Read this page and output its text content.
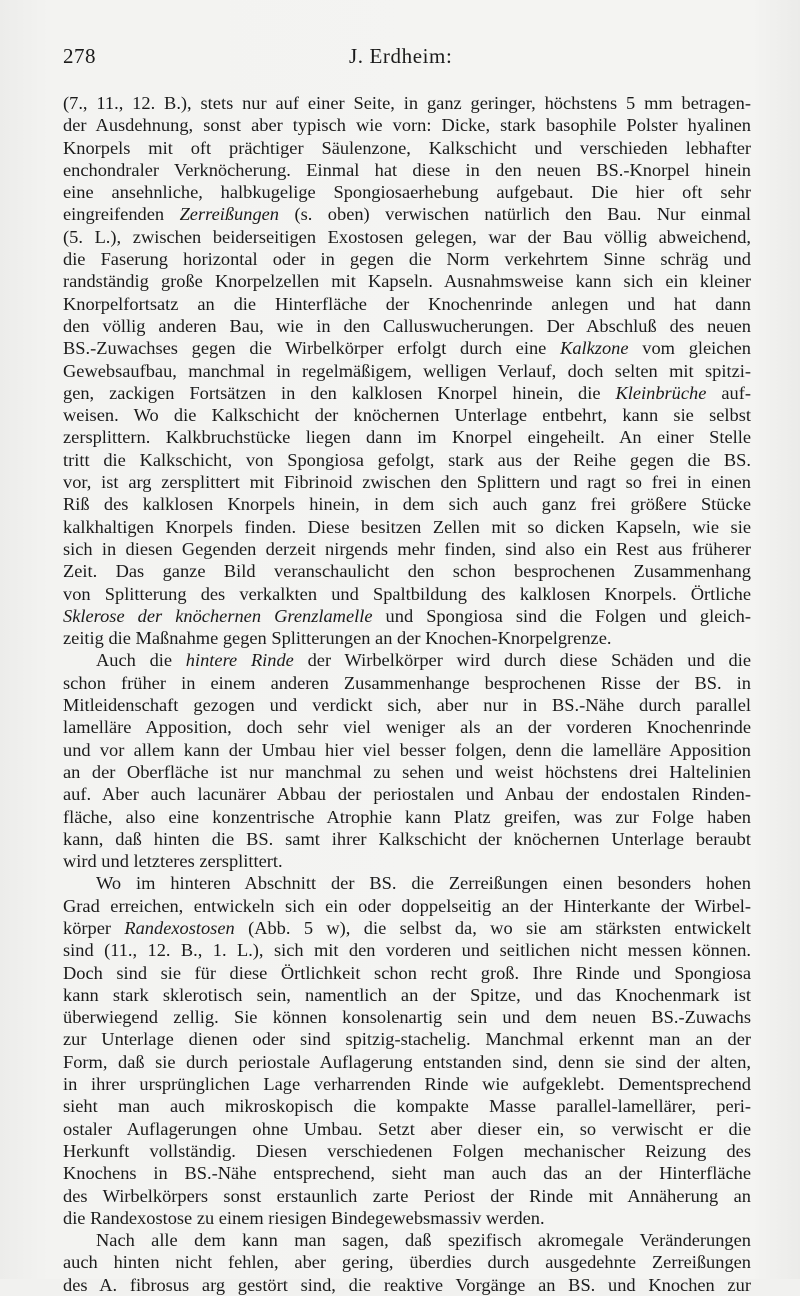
278	J. Erdheim:
(7., 11., 12. B.), stets nur auf einer Seite, in ganz geringer, höchstens 5 mm betragen-
der Ausdehnung, sonst aber typisch wie vorn: Dicke, stark basophile Polster hyalinen
Knorpels mit oft prächtiger Säulenzone, Kalkschicht und verschieden lebhafter
enchondraler Verknöcherung. Einmal hat diese in den neuen BS.-Knorpel hinein
eine ansehnliche, halbkugelige Spongiosaerhebung aufgebaut. Die hier oft sehr
eingreifenden Zerreißungen (s. oben) verwischen natürlich den Bau. Nur einmal
(5. L.), zwischen beiderseitigen Exostosen gelegen, war der Bau völlig abweichend,
die Faserung horizontal oder in gegen die Norm verkehrtem Sinne schräg und
randständig große Knorpelzellen mit Kapseln. Ausnahmsweise kann sich ein kleiner
Knorpelfortsatz an die Hinterfläche der Knochenrinde anlegen und hat dann
den völlig anderen Bau, wie in den Calluswucherungen. Der Abschluß des neuen
BS.-Zuwachses gegen die Wirbelkörper erfolgt durch eine Kalkzone vom gleichen
Gewebsaufbau, manchmal in regelmäßigem, welligen Verlauf, doch selten mit spitzi-
gen, zackigen Fortsätzen in den kalklosen Knorpel hinein, die Kleinbrüche auf-
weisen. Wo die Kalkschicht der knöchernen Unterlage entbehrt, kann sie selbst
zersplittern. Kalkbruchstücke liegen dann im Knorpel eingeheilt. An einer Stelle
tritt die Kalkschicht, von Spongiosa gefolgt, stark aus der Reihe gegen die BS.
vor, ist arg zersplittert mit Fibrinoid zwischen den Splittern und ragt so frei in einen
Riß des kalklosen Knorpels hinein, in dem sich auch ganz frei größere Stücke
kalkhaltigen Knorpels finden. Diese besitzen Zellen mit so dicken Kapseln, wie sie
sich in diesen Gegenden derzeit nirgends mehr finden, sind also ein Rest aus früherer
Zeit. Das ganze Bild veranschaulicht den schon besprochenen Zusammenhang
von Splitterung des verkalkten und Spaltbildung des kalklosen Knorpels. Örtliche
Sklerose der knöchernen Grenzlamelle und Spongiosa sind die Folgen und gleich-
zeitig die Maßnahme gegen Splitterungen an der Knochen-Knorpelgrenze.
Auch die hintere Rinde der Wirbelkörper wird durch diese Schäden und die
schon früher in einem anderen Zusammenhange besprochenen Risse der BS. in
Mitleidenschaft gezogen und verdickt sich, aber nur in BS.-Nähe durch parallel
lamelläre Apposition, doch sehr viel weniger als an der vorderen Knochenrinde
und vor allem kann der Umbau hier viel besser folgen, denn die lamelläre Apposition
an der Oberfläche ist nur manchmal zu sehen und weist höchstens drei Haltelinien
auf. Aber auch lacunärer Abbau der periostalen und Anbau der endostalen Rinden-
fläche, also eine konzentrische Atrophie kann Platz greifen, was zur Folge haben
kann, daß hinten die BS. samt ihrer Kalkschicht der knöchernen Unterlage beraubt
wird und letzteres zersplittert.
Wo im hinteren Abschnitt der BS. die Zerreißungen einen besonders hohen
Grad erreichen, entwickeln sich ein oder doppelseitig an der Hinterkante der Wirbel-
körper Randexostosen (Abb. 5 w), die selbst da, wo sie am stärksten entwickelt
sind (11., 12. B., 1. L.), sich mit den vorderen und seitlichen nicht messen können.
Doch sind sie für diese Örtlichkeit schon recht groß. Ihre Rinde und Spongiosa
kann stark sklerotisch sein, namentlich an der Spitze, und das Knochenmark ist
überwiegend zellig. Sie können konsolenartig sein und dem neuen BS.-Zuwachs
zur Unterlage dienen oder sind spitzig-stachelig. Manchmal erkennt man an der
Form, daß sie durch periostale Auflagerung entstanden sind, denn sie sind der alten,
in ihrer ursprünglichen Lage verharrenden Rinde wie aufgeklebt. Dementsprechend
sieht man auch mikroskopisch die kompakte Masse parallel-lamellärer, peri-
ostaler Auflagerungen ohne Umbau. Setzt aber dieser ein, so verwischt er die
Herkunft vollständig. Diesen verschiedenen Folgen mechanischer Reizung des
Knochens in BS.-Nähe entsprechend, sieht man auch das an der Hinterfläche
des Wirbelkörpers sonst erstaunlich zarte Periost der Rinde mit Annäherung an
die Randexostose zu einem riesigen Bindegewebsmassiv werden.
Nach alle dem kann man sagen, daß spezifisch akromegale Veränderungen
auch hinten nicht fehlen, aber gering, überdies durch ausgedehnte Zerreißungen
des A. fibrosus arg gestört sind, die reaktive Vorgänge an BS. und Knochen zur
